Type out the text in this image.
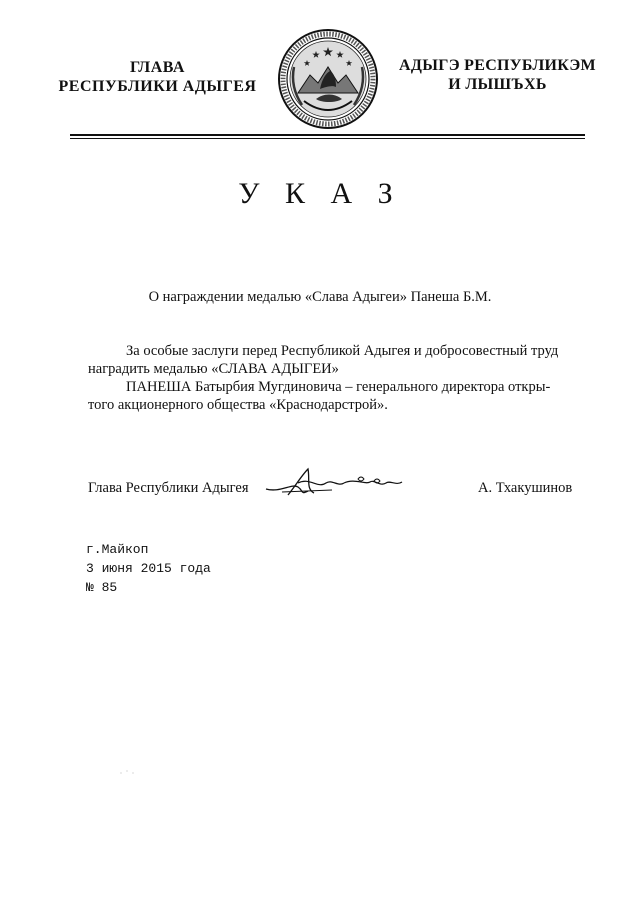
ГЛАВА
РЕСПУБЛИКИ АДЫГЕЯ
АДЫГЭ РЕСПУБЛИКЭМ
И ЛЫШЪХЬ
У К А З
О награждении медалью «Слава Адыгеи» Панеша Б.М.
За особые заслуги перед Республикой Адыгея и добросовестный труд
наградить медалью «СЛАВА АДЫГЕИ»
ПАНЕША Батырбия Мугдиновича – генерального директора откры-
того акционерного общества «Краснодарстрой».
Глава Республики Адыгея	А. Тхакушинов
г.Майкоп
3 июня 2015 года
№ 85
